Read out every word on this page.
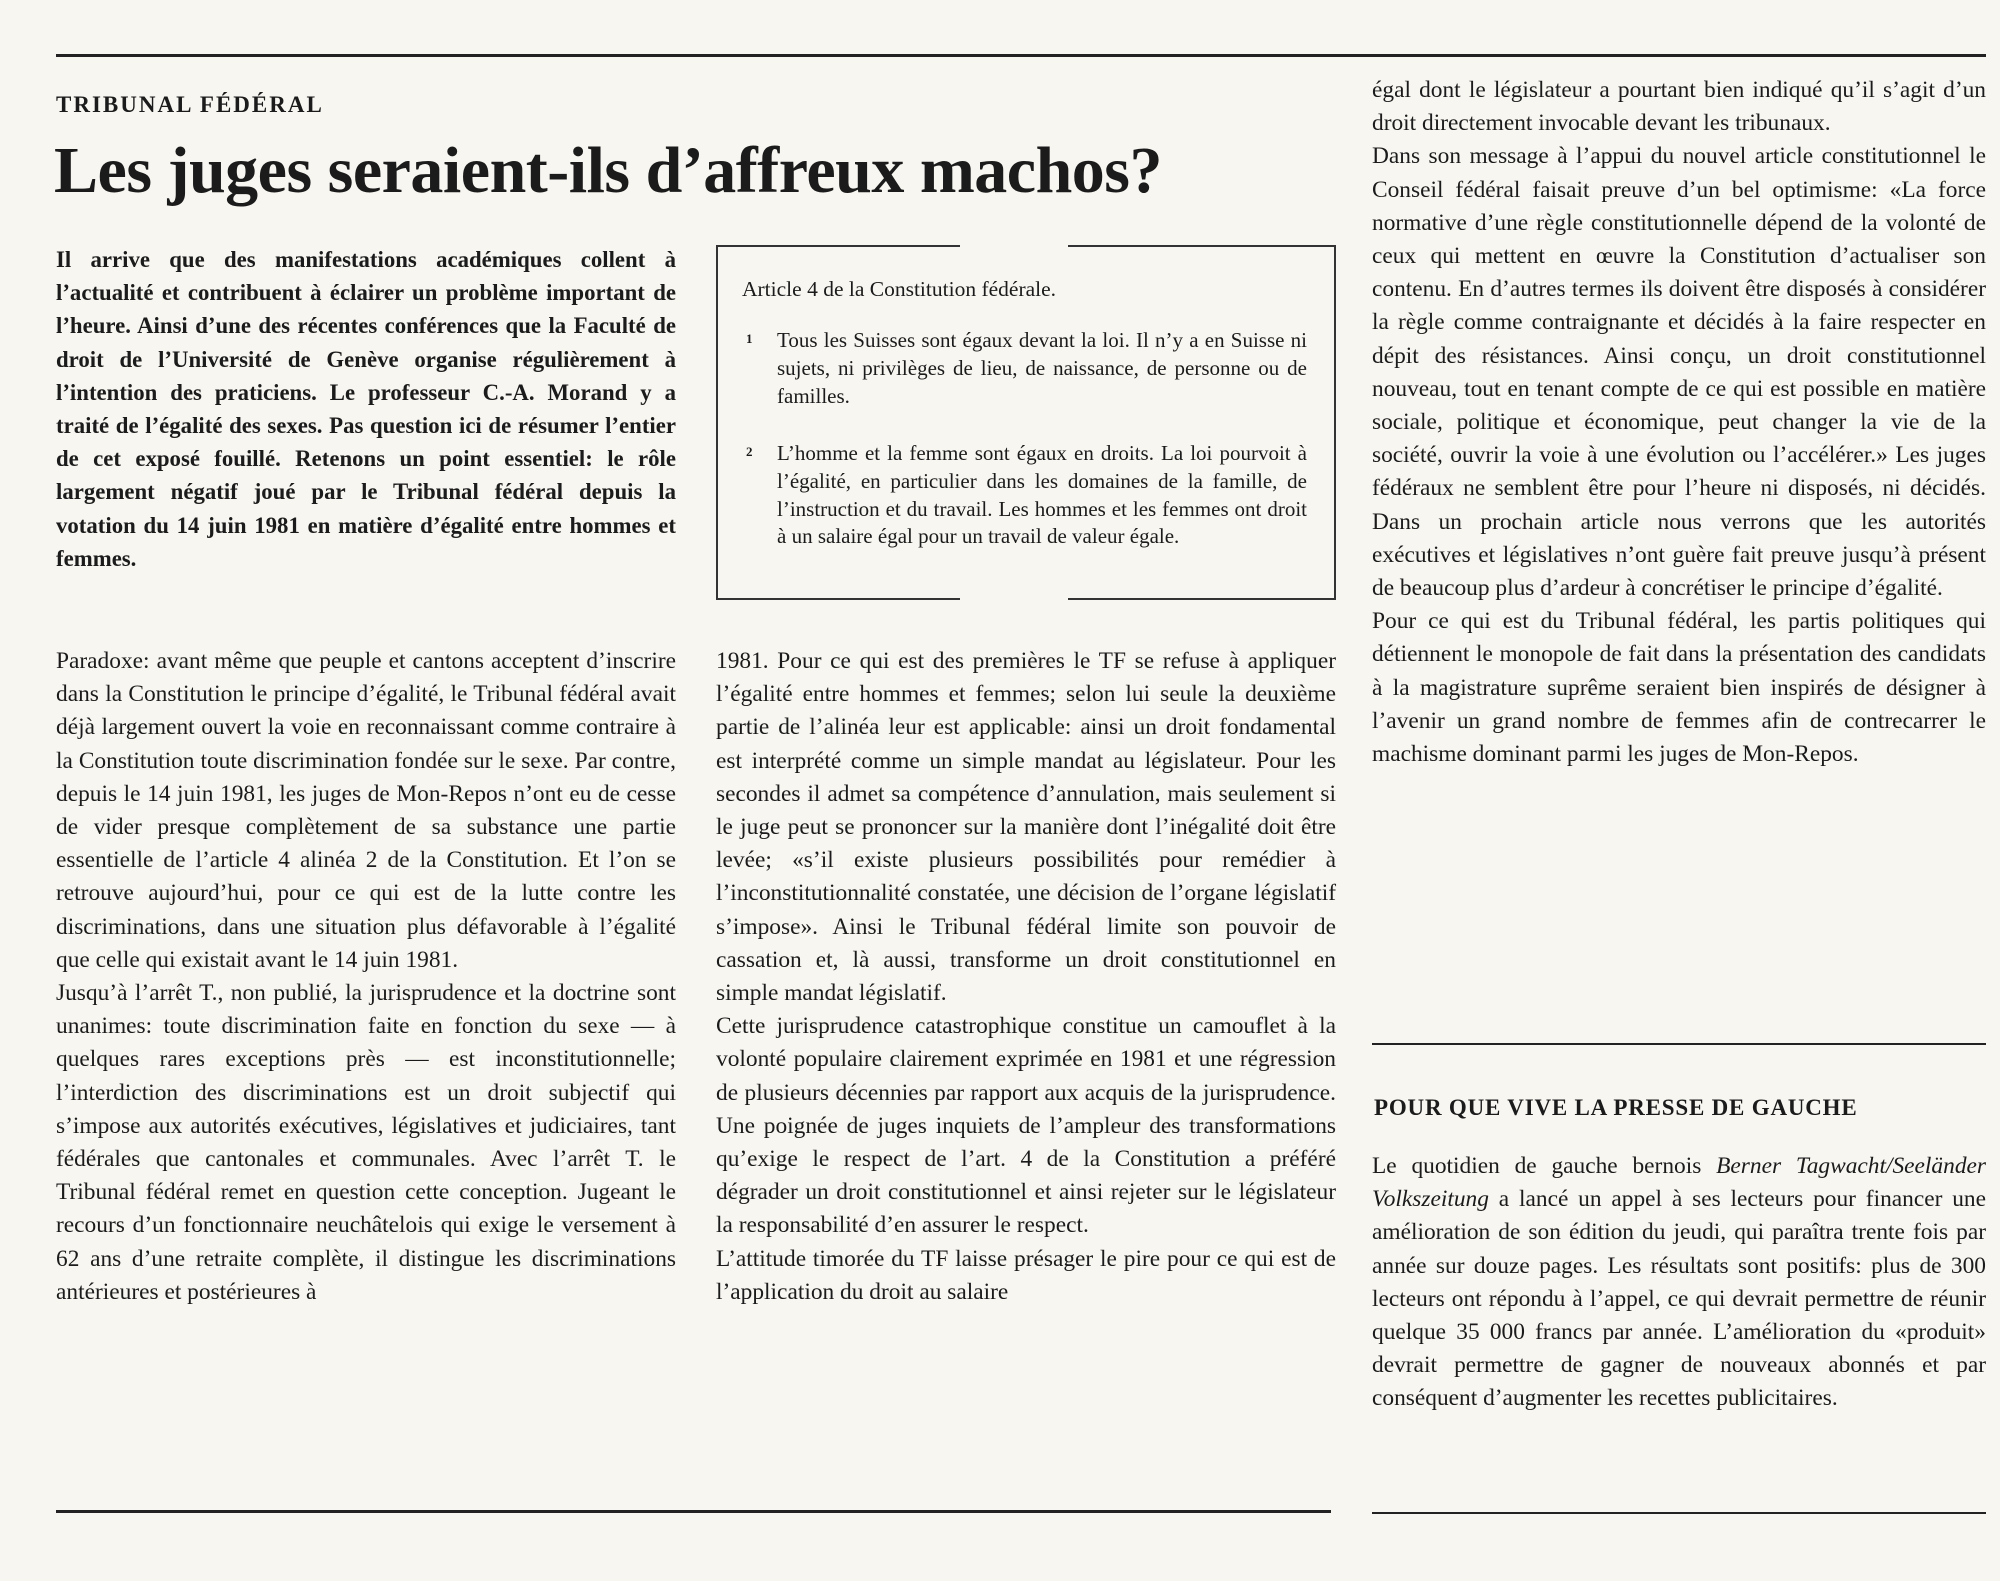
TRIBUNAL FÉDÉRAL
Les juges seraient-ils d’affreux machos?

Il arrive que des manifestations académiques collent à l’actualité et contribuent à éclairer un problème important de l’heure. Ainsi d’une des récentes conférences que la Faculté de droit de l’Université de Genève organise régulièrement à l’intention des praticiens. Le professeur C.-A. Morand y a traité de l’égalité des sexes. Pas question ici de résumer l’entier de cet exposé fouillé. Retenons un point essentiel: le rôle largement négatif joué par le Tribunal fédéral depuis la votation du 14 juin 1981 en matière d’égalité entre hommes et femmes.

Article 4 de la Constitution fédérale.
1 Tous les Suisses sont égaux devant la loi. Il n’y a en Suisse ni sujets, ni privilèges de lieu, de naissance, de personne ou de familles.
2 L’homme et la femme sont égaux en droits. La loi pourvoit à l’égalité, en particulier dans les domaines de la famille, de l’instruction et du travail. Les hommes et les femmes ont droit à un salaire égal pour un travail de valeur égale.

Paradoxe: avant même que peuple et cantons acceptent d’inscrire dans la Constitution le principe d’égalité, le Tribunal fédéral avait déjà largement ouvert la voie en reconnaissant comme contraire à la Constitution toute discrimination fondée sur le sexe. Par contre, depuis le 14 juin 1981, les juges de Mon-Repos n’ont eu de cesse de vider presque complètement de sa substance une partie essentielle de l’article 4 alinéa 2 de la Constitution. Et l’on se retrouve aujourd’hui, pour ce qui est de la lutte contre les discriminations, dans une situation plus défavorable à l’égalité que celle qui existait avant le 14 juin 1981.

Jusqu’à l’arrêt T., non publié, la jurisprudence et la doctrine sont unanimes: toute discrimination faite en fonction du sexe — à quelques rares exceptions près — est inconstitutionnelle; l’interdiction des discriminations est un droit subjectif qui s’impose aux autorités exécutives, législatives et judiciaires, tant fédérales que cantonales et communales. Avec l’arrêt T. le Tribunal fédéral remet en question cette conception. Jugeant le recours d’un fonctionnaire neuchâtelois qui exige le versement à 62 ans d’une retraite complète, il distingue les discriminations antérieures et postérieures à

1981. Pour ce qui est des premières le TF se refuse à appliquer l’égalité entre hommes et femmes; selon lui seule la deuxième partie de l’alinéa leur est applicable: ainsi un droit fondamental est interprété comme un simple mandat au législateur. Pour les secondes il admet sa compétence d’annulation, mais seulement si le juge peut se prononcer sur la manière dont l’inégalité doit être levée; «s’il existe plusieurs possibilités pour remédier à l’inconstitutionnalité constatée, une décision de l’organe législatif s’impose». Ainsi le Tribunal fédéral limite son pouvoir de cassation et, là aussi, transforme un droit constitutionnel en simple mandat législatif.

Cette jurisprudence catastrophique constitue un camouflet à la volonté populaire clairement exprimée en 1981 et une régression de plusieurs décennies par rapport aux acquis de la jurisprudence. Une poignée de juges inquiets de l’ampleur des transformations qu’exige le respect de l’art. 4 de la Constitution a préféré dégrader un droit constitutionnel et ainsi rejeter sur le législateur la responsabilité d’en assurer le respect.

L’attitude timorée du TF laisse présager le pire pour ce qui est de l’application du droit au salaire

égal dont le législateur a pourtant bien indiqué qu’il s’agit d’un droit directement invocable devant les tribunaux.

Dans son message à l’appui du nouvel article constitutionnel le Conseil fédéral faisait preuve d’un bel optimisme: «La force normative d’une règle constitutionnelle dépend de la volonté de ceux qui mettent en œuvre la Constitution d’actualiser son contenu. En d’autres termes ils doivent être disposés à considérer la règle comme contraignante et décidés à la faire respecter en dépit des résistances. Ainsi conçu, un droit constitutionnel nouveau, tout en tenant compte de ce qui est possible en matière sociale, politique et économique, peut changer la vie de la société, ouvrir la voie à une évolution ou l’accélérer.» Les juges fédéraux ne semblent être pour l’heure ni disposés, ni décidés. Dans un prochain article nous verrons que les autorités exécutives et législatives n’ont guère fait preuve jusqu’à présent de beaucoup plus d’ardeur à concrétiser le principe d’égalité.

Pour ce qui est du Tribunal fédéral, les partis politiques qui détiennent le monopole de fait dans la présentation des candidats à la magistrature suprême seraient bien inspirés de désigner à l’avenir un grand nombre de femmes afin de contrecarrer le machisme dominant parmi les juges de Mon-Repos.

POUR QUE VIVE LA PRESSE DE GAUCHE

Le quotidien de gauche bernois Berner Tagwacht/Seeländer Volkszeitung a lancé un appel à ses lecteurs pour financer une amélioration de son édition du jeudi, qui paraîtra trente fois par année sur douze pages. Les résultats sont positifs: plus de 300 lecteurs ont répondu à l’appel, ce qui devrait permettre de réunir quelque 35 000 francs par année. L’amélioration du «produit» devrait permettre de gagner de nouveaux abonnés et par conséquent d’augmenter les recettes publicitaires.
